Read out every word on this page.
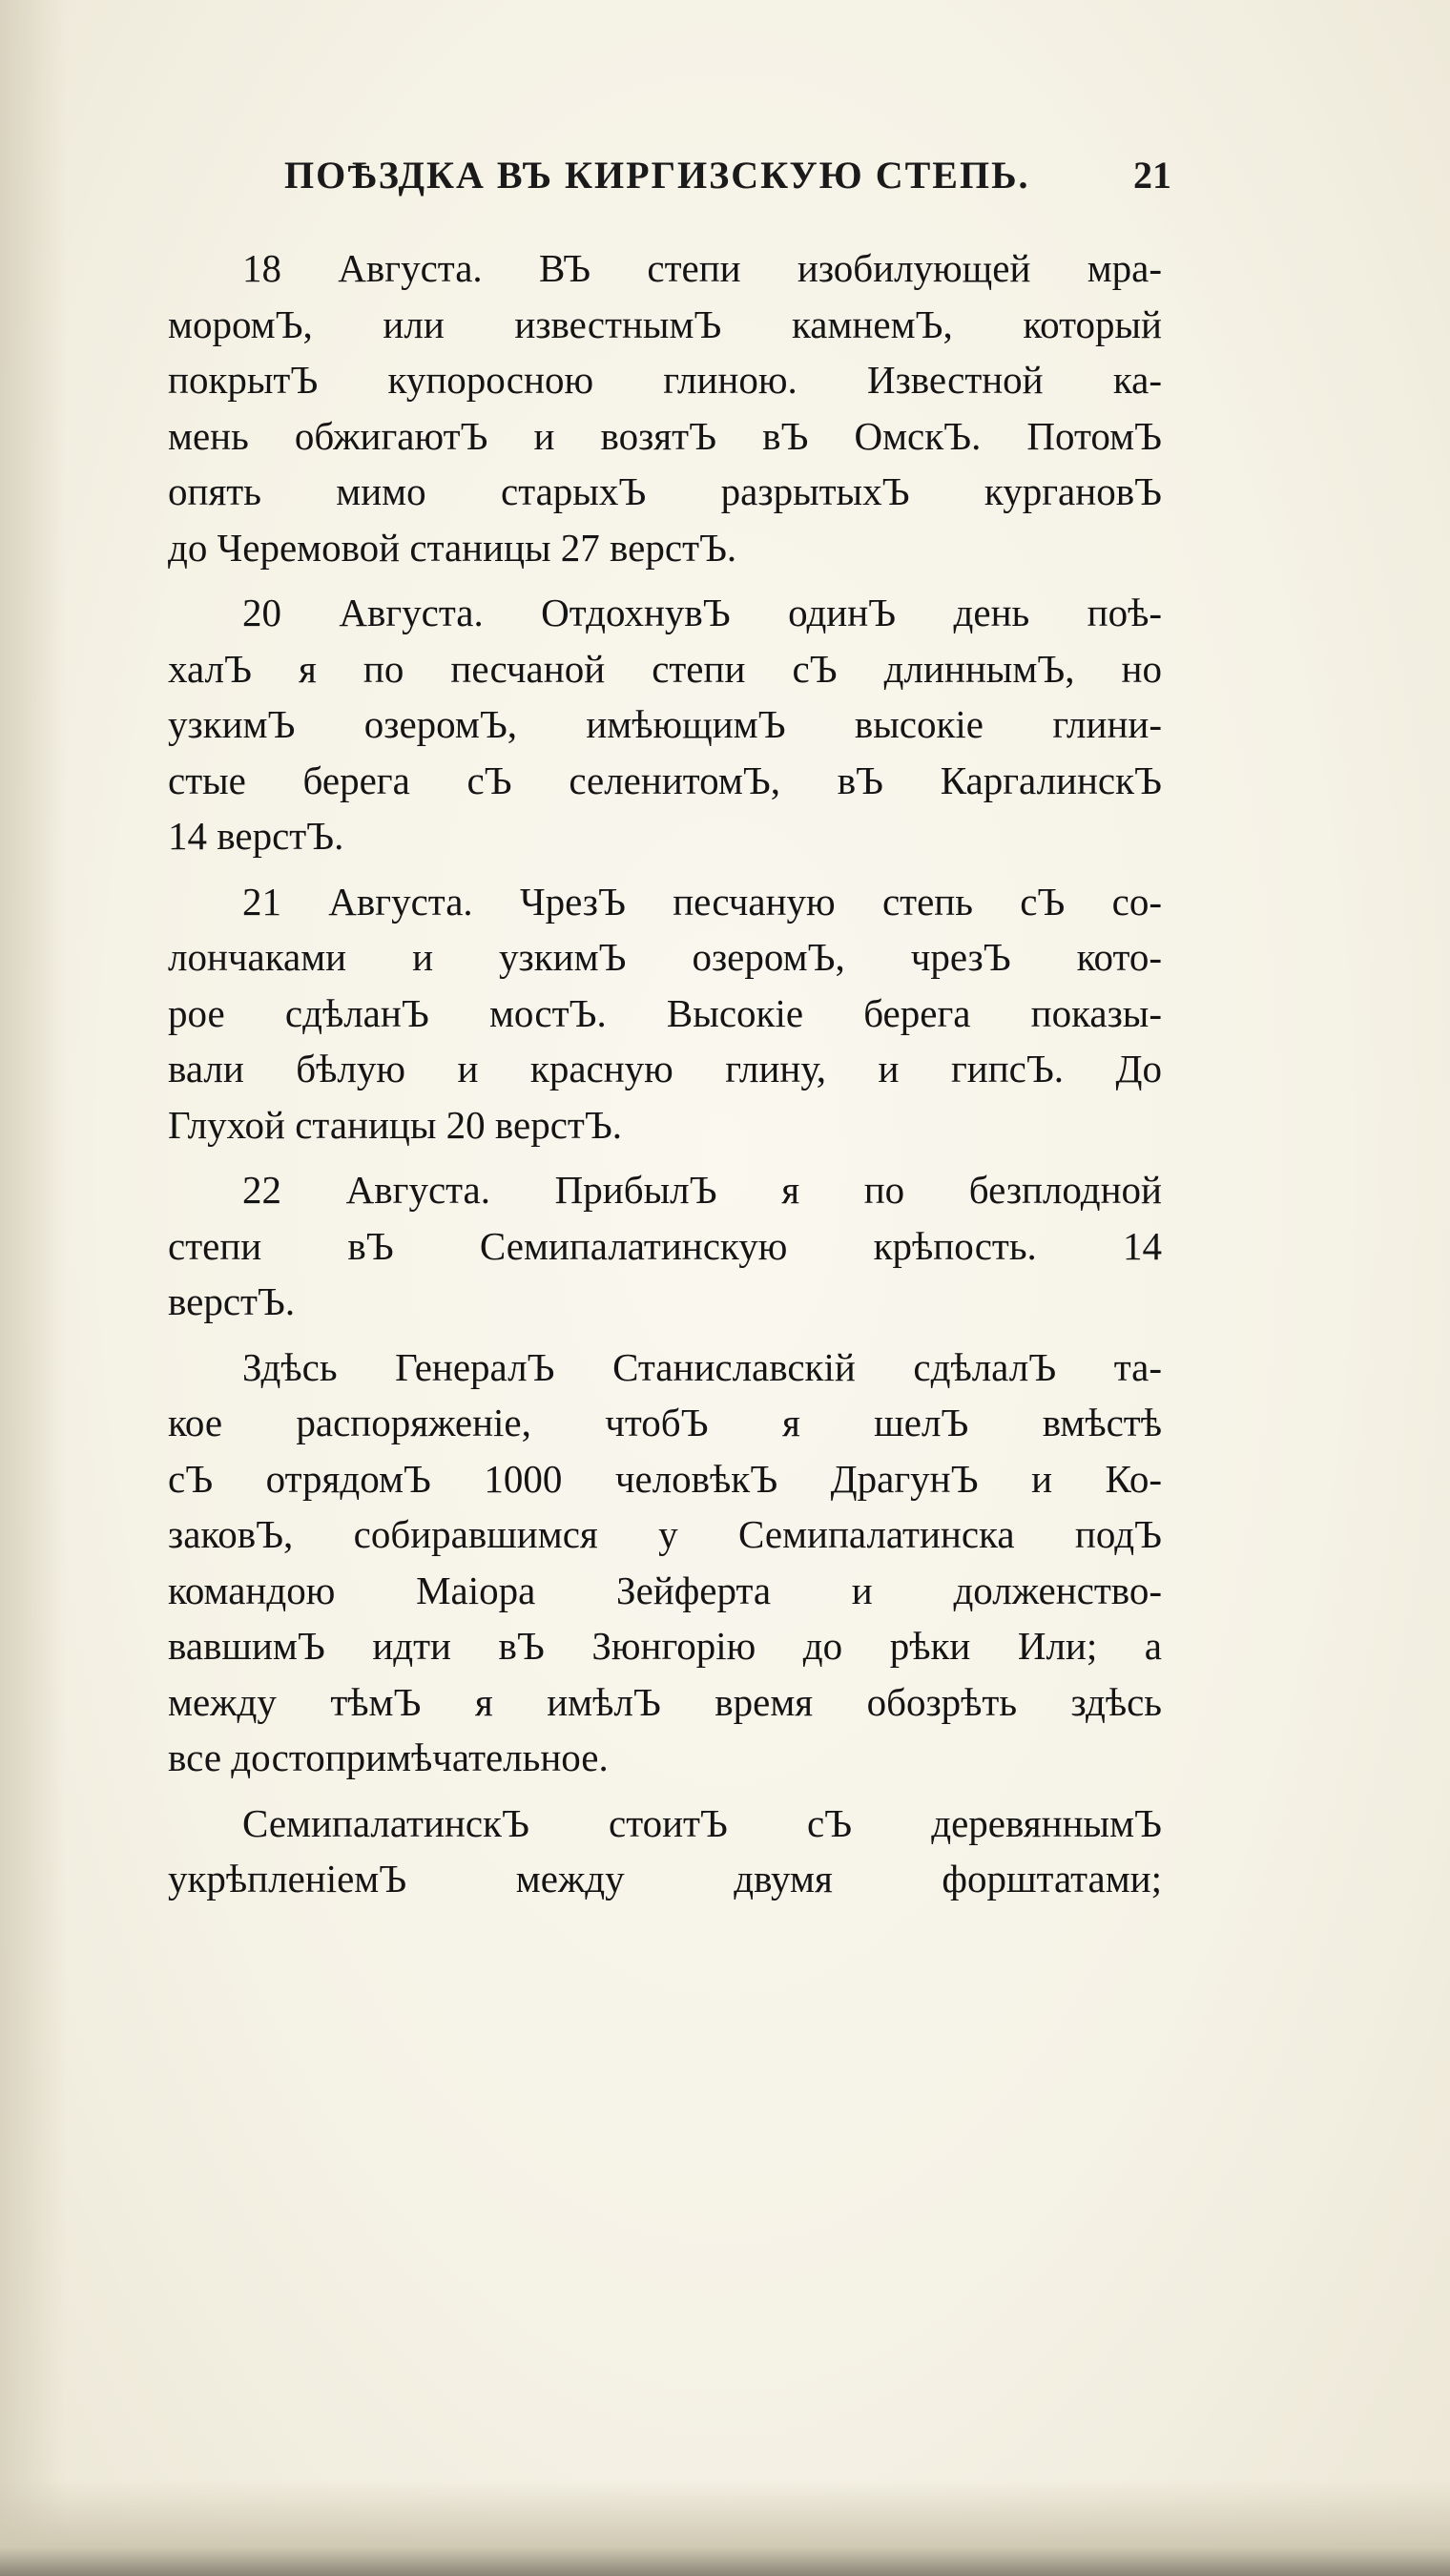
ПОѢЗДКА ВЪ КИРГИЗСКУЮ СТЕПЬ.	21
18 Августа. ВЪ степи изобилующей мра-
моромЪ, или известнымЪ камнемЪ, который
покрытЪ купоросною глиною. Известной ка-
мень обжигаютЪ и возятЪ вЪ ОмскЪ. ПотомЪ
опять мимо старыхЪ разрытыхЪ кургановЪ
до Черемовой станицы 27 верстЪ.
20 Августа. ОтдохнувЪ одинЪ день поѣ-
халЪ я по песчаной степи сЪ длиннымЪ, но
узкимЪ озеромЪ, имѣющимЪ высокіе глини-
стые берега сЪ селенитомЪ, вЪ КаргалинскЪ
14 верстЪ.
21 Августа. ЧрезЪ песчаную степь сЪ со-
лончаками и узкимЪ озеромЪ, чрезЪ кото-
рое сдѣланЪ мостЪ. Высокіе берега показы-
вали бѣлую и красную глину, и гипсЪ. До
Глухой станицы 20 верстЪ.
22 Августа. ПрибылЪ я по безплодной
степи вЪ Семипалатинскую крѣпость. 14
верстЪ.
Здѣсь ГенералЪ Станиславскій сдѣлалЪ та-
кое распоряженіе, чтобЪ я шелЪ вмѣстѣ
сЪ отрядомЪ 1000 человѣкЪ ДрагунЪ и Ко-
заковЪ, собиравшимся у Семипалатинска подЪ
командою Маіора Зейферта и долженство-
вавшимЪ идти вЪ Зюнгорію до рѣки Или; а
между тѣмЪ я имѣлЪ время обозрѣть здѣсь
все достопримѣчательное.
СемипалатинскЪ стоитЪ сЪ деревяннымЪ
укрѣпленіемЪ между двумя форштатами;
